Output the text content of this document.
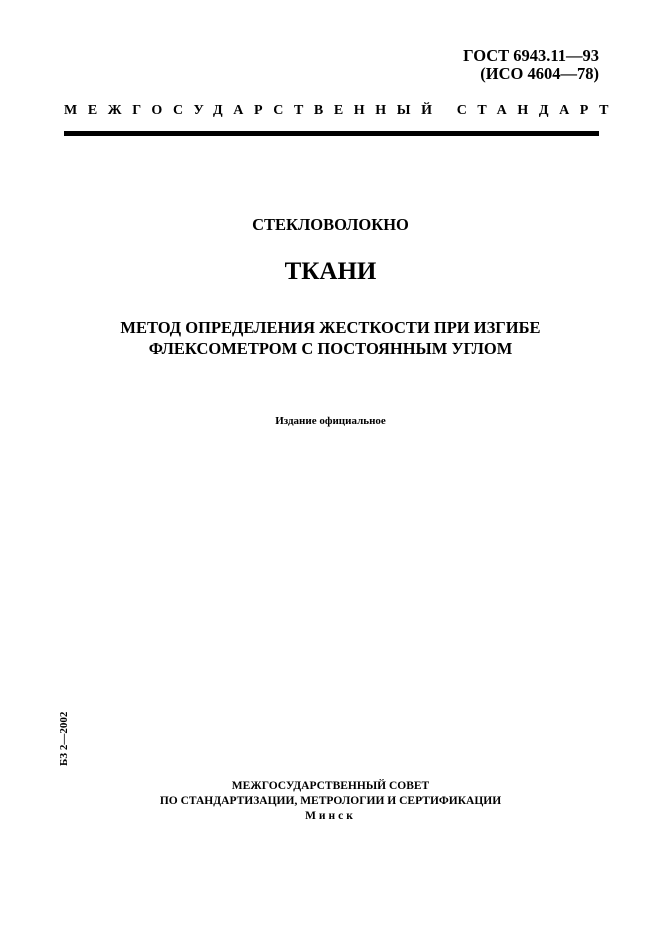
ГОСТ 6943.11—93
(ИСО 4604—78)
МЕЖГОСУДАРСТВЕННЫЙ СТАНДАРТ
СТЕКЛОВОЛОКНО
ТКАНИ
МЕТОД ОПРЕДЕЛЕНИЯ ЖЕСТКОСТИ ПРИ ИЗГИБЕ
ФЛЕКСОМЕТРОМ С ПОСТОЯННЫМ УГЛОМ
Издание официальное
БЗ 2—2002
МЕЖГОСУДАРСТВЕННЫЙ СОВЕТ
ПО СТАНДАРТИЗАЦИИ, МЕТРОЛОГИИ И СЕРТИФИКАЦИИ
Минск
